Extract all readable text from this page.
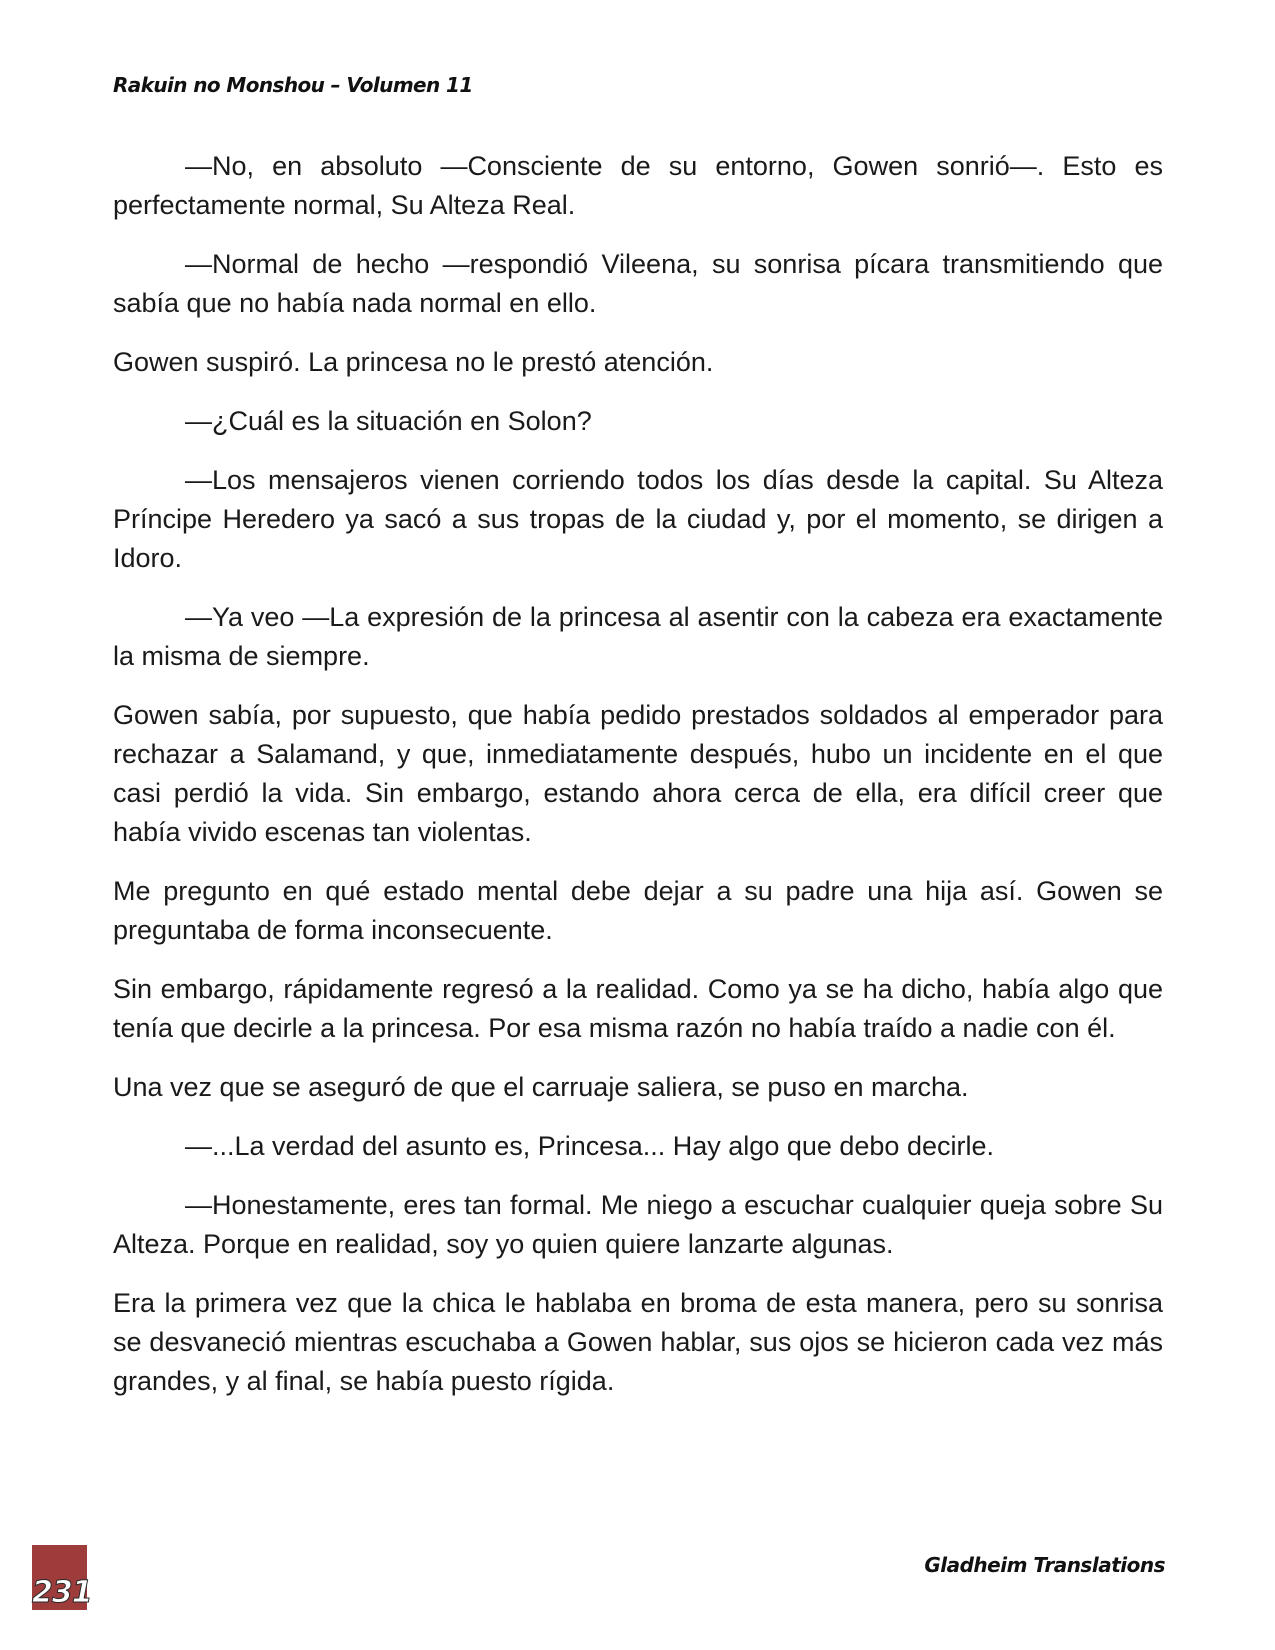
Rakuin no Monshou – Volumen 11

—No, en absoluto —Consciente de su entorno, Gowen sonrió—. Esto es perfectamente normal, Su Alteza Real.

—Normal de hecho —respondió Vileena, su sonrisa pícara transmitiendo que sabía que no había nada normal en ello.

Gowen suspiró. La princesa no le prestó atención.

—¿Cuál es la situación en Solon?

—Los mensajeros vienen corriendo todos los días desde la capital. Su Alteza Príncipe Heredero ya sacó a sus tropas de la ciudad y, por el momento, se dirigen a Idoro.

—Ya veo —La expresión de la princesa al asentir con la cabeza era exactamente la misma de siempre.

Gowen sabía, por supuesto, que había pedido prestados soldados al emperador para rechazar a Salamand, y que, inmediatamente después, hubo un incidente en el que casi perdió la vida. Sin embargo, estando ahora cerca de ella, era difícil creer que había vivido escenas tan violentas.

Me pregunto en qué estado mental debe dejar a su padre una hija así. Gowen se preguntaba de forma inconsecuente.

Sin embargo, rápidamente regresó a la realidad. Como ya se ha dicho, había algo que tenía que decirle a la princesa. Por esa misma razón no había traído a nadie con él.

Una vez que se aseguró de que el carruaje saliera, se puso en marcha.

—...La verdad del asunto es, Princesa... Hay algo que debo decirle.

—Honestamente, eres tan formal. Me niego a escuchar cualquier queja sobre Su Alteza. Porque en realidad, soy yo quien quiere lanzarte algunas.

Era la primera vez que la chica le hablaba en broma de esta manera, pero su sonrisa se desvaneció mientras escuchaba a Gowen hablar, sus ojos se hicieron cada vez más grandes, y al final, se había puesto rígida.

231
Gladheim Translations
